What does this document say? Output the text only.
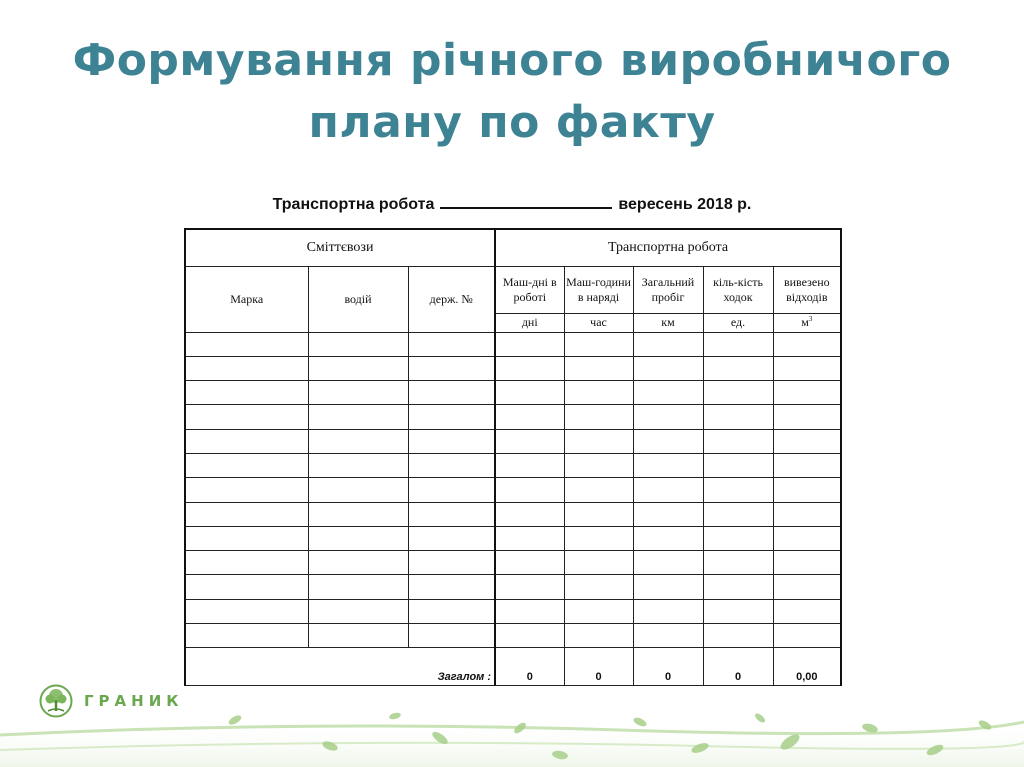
Формування річного виробничого
плану по факту
Транспортна робота	вересень 2018 р.
Сміттєвози			Транспортна робота				
Марка	водій	держ. №	Маш-дні в роботі	Маш-години в наряді	Загальний пробіг	кіль-кість ходок	вивезено відходів
			дні	час	км	ед.	$м^3$

Загалом :			0	0	0	0	0,00
ГРАНИК
